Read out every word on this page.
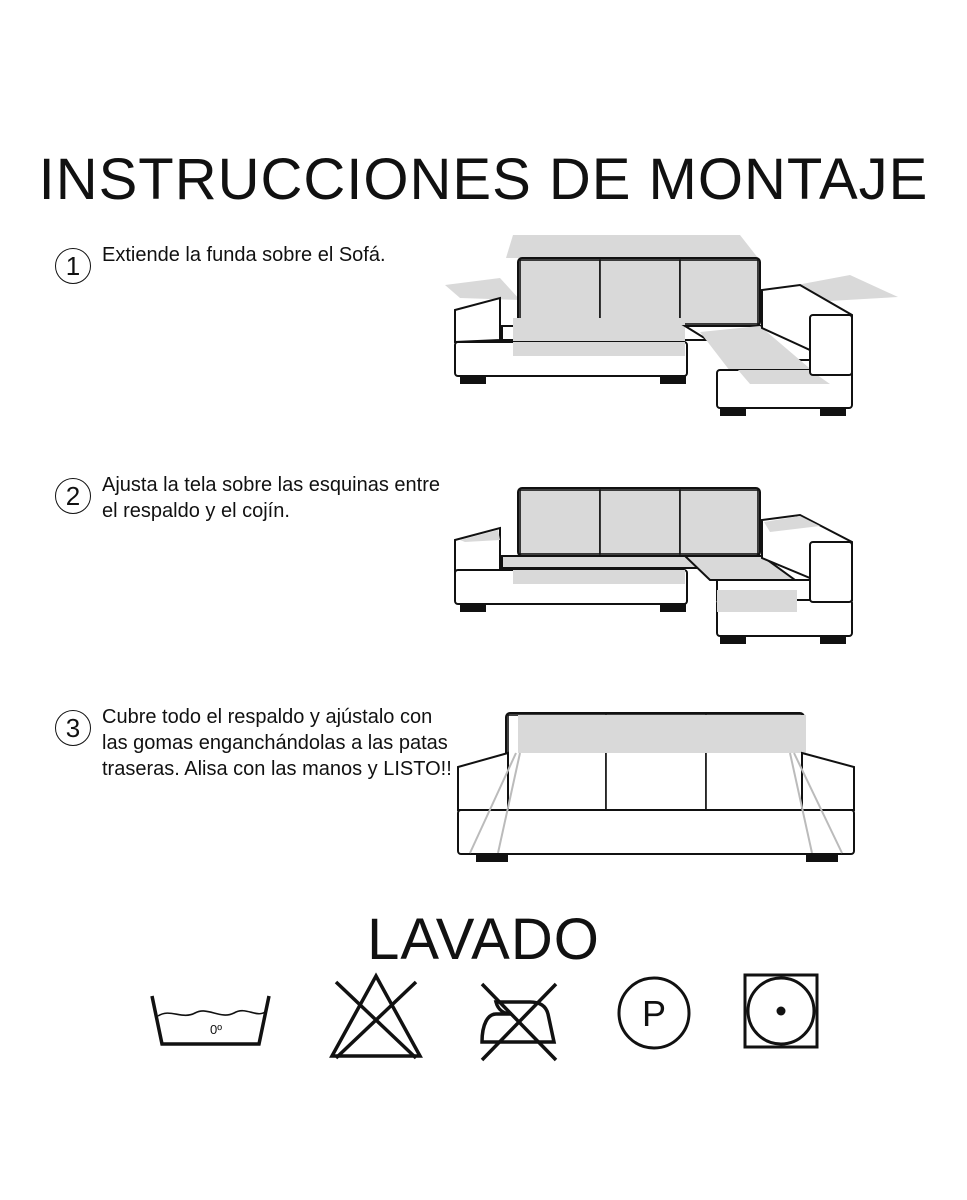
INSTRUCCIONES DE MONTAJE
1	Extiende la funda sobre el Sofá.
2	Ajusta la tela sobre las esquinas entre el respaldo y el cojín.
3	Cubre todo el respaldo y ajústalo con las gomas enganchándolas a las patas traseras. Alisa con las manos y LISTO!!
LAVADO
0º	P
